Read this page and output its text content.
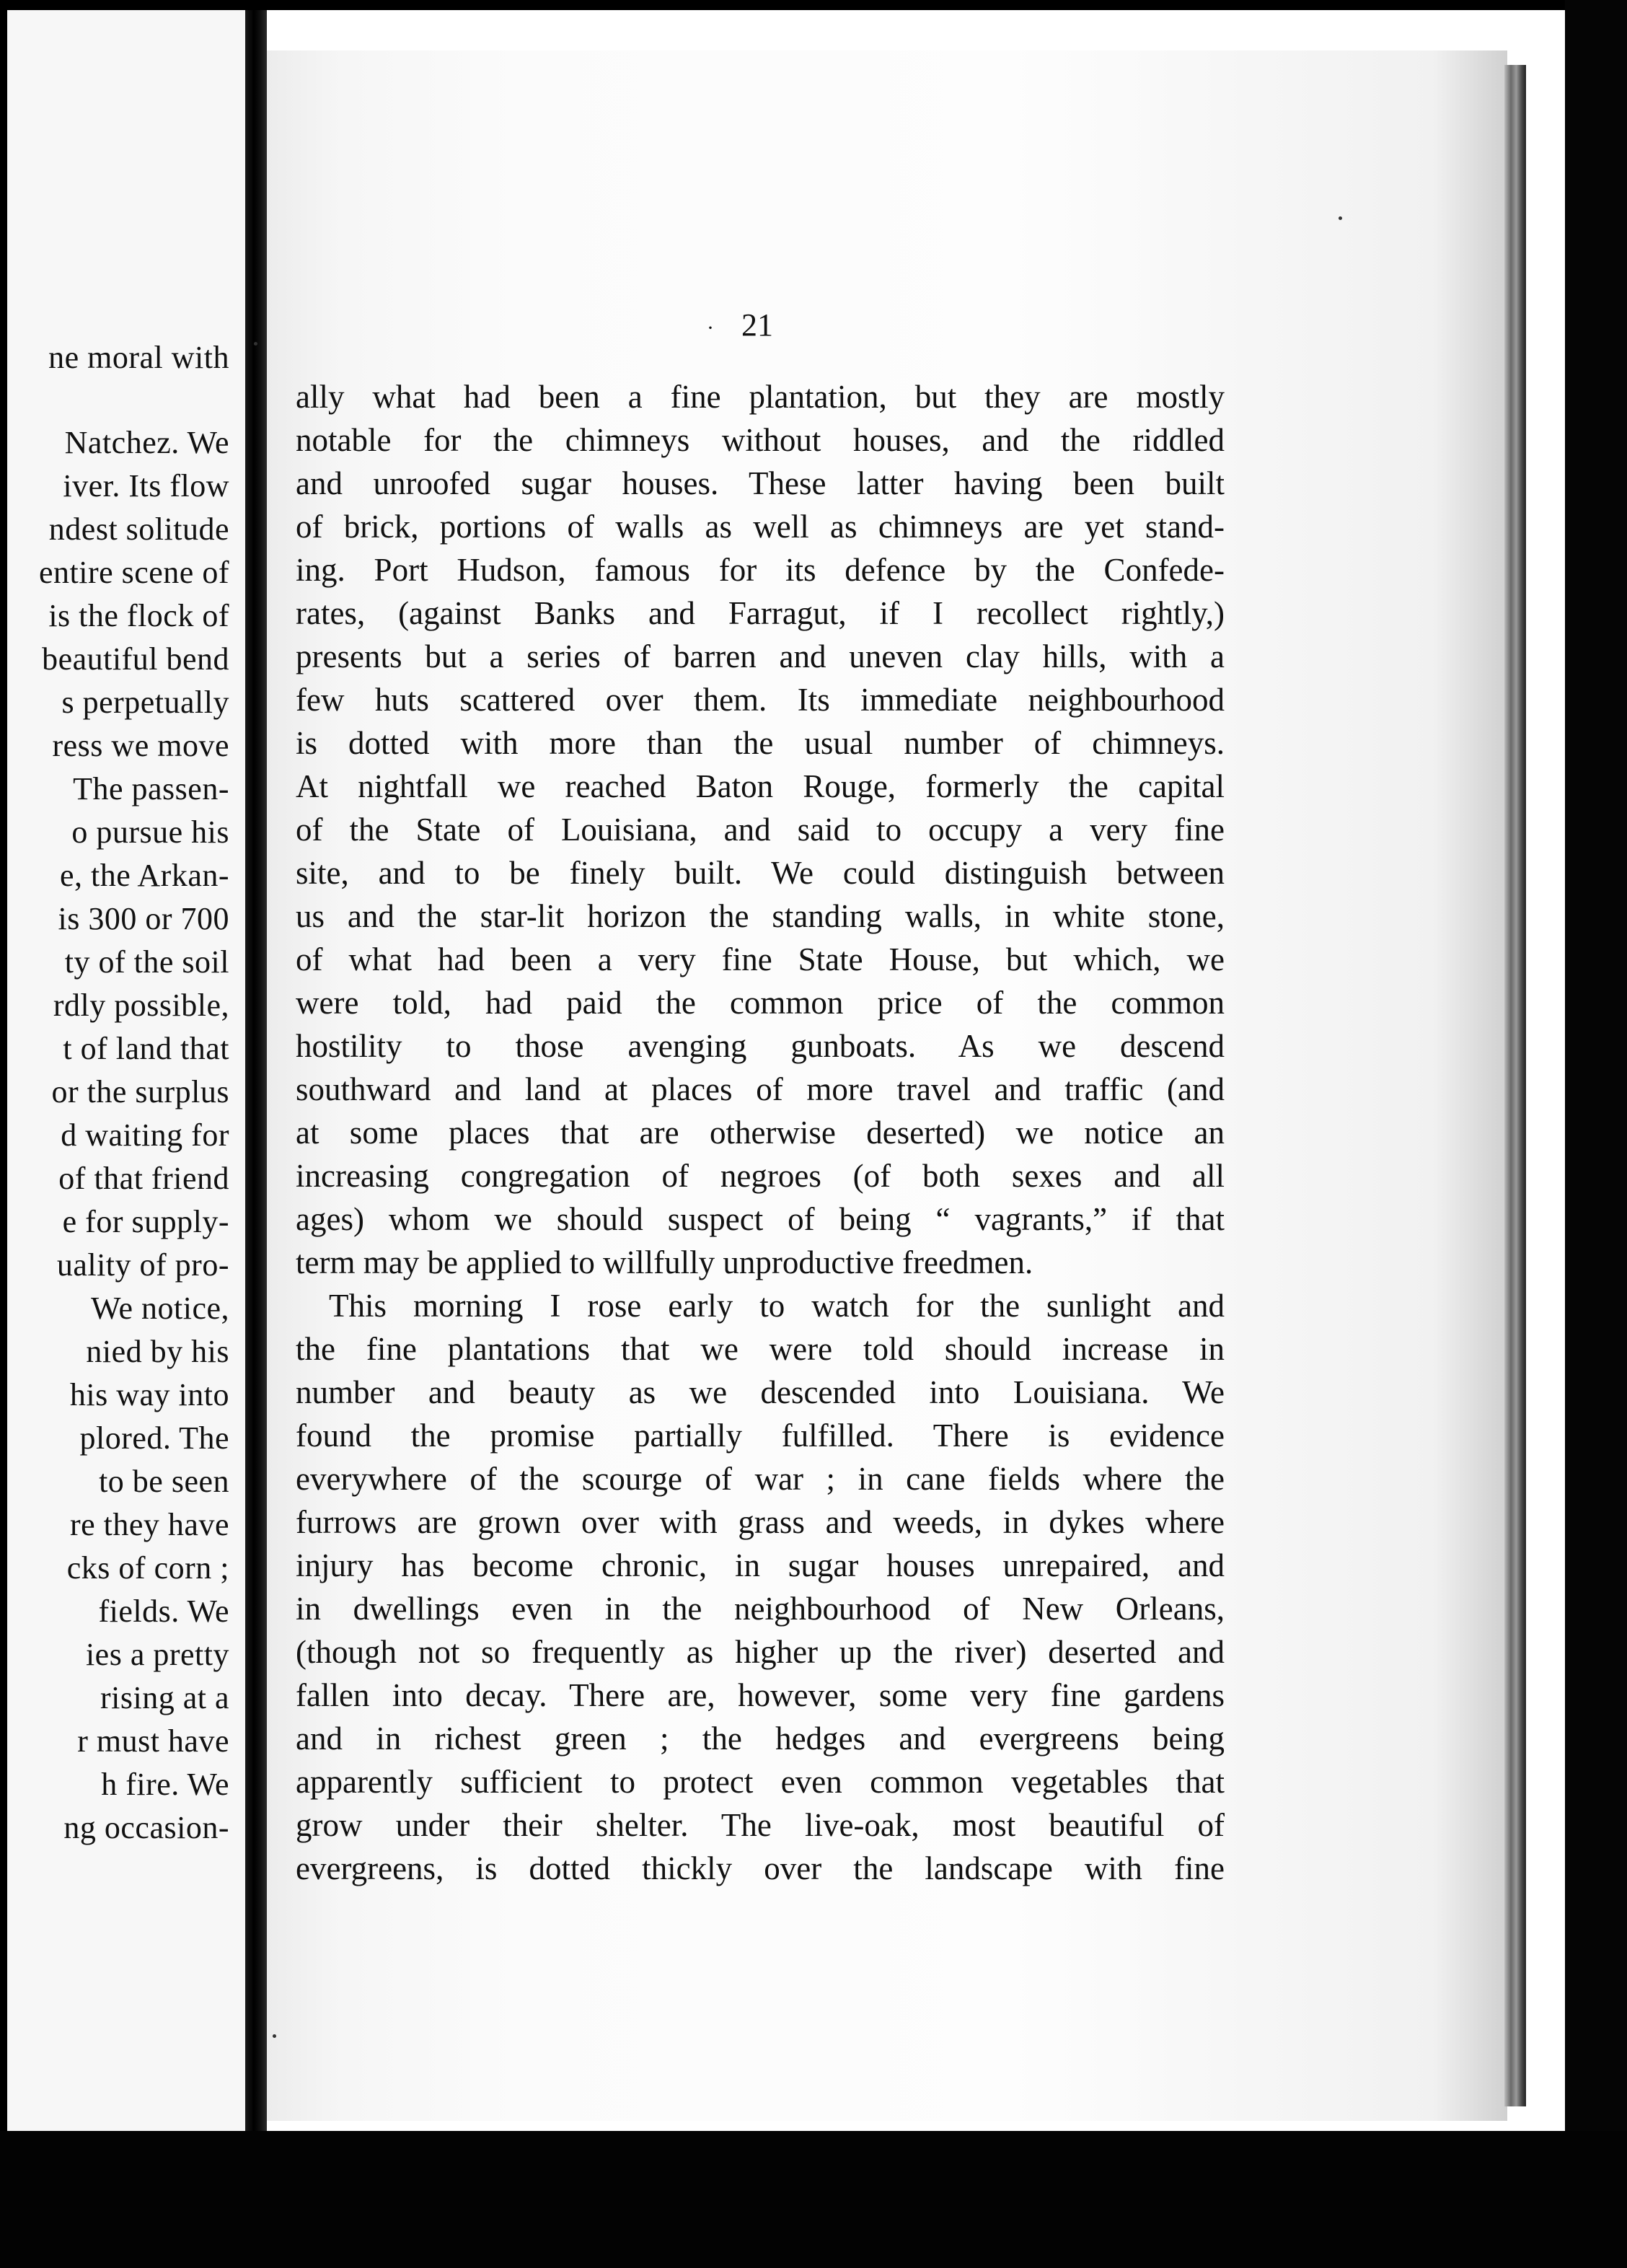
ne moral with
Natchez. We
iver. Its flow
ndest solitude
entire scene of
is the flock of
beautiful bend
s perpetually
ress we move
The passen-
o pursue his
e, the Arkan-
is 300 or 700
ty of the soil
rdly possible,
t of land that
or the surplus
d waiting for
of that friend
e for supply-
uality of pro-
We notice,
nied by his
his way into
plored. The
to be seen
re they have
cks of corn ;
fields. We
ies a pretty
rising at a
r must have
h fire. We
ng occasion-
· 21
ally what had been a fine plantation, but they are mostly
notable for the chimneys without houses, and the riddled
and unroofed sugar houses. These latter having been built
of brick, portions of walls as well as chimneys are yet stand-
ing. Port Hudson, famous for its defence by the Confede-
rates, (against Banks and Farragut, if I recollect rightly,)
presents but a series of barren and uneven clay hills, with a
few huts scattered over them. Its immediate neighbourhood
is dotted with more than the usual number of chimneys.
At nightfall we reached Baton Rouge, formerly the capital
of the State of Louisiana, and said to occupy a very fine
site, and to be finely built. We could distinguish between
us and the star-lit horizon the standing walls, in white stone,
of what had been a very fine State House, but which, we
were told, had paid the common price of the common
hostility to those avenging gunboats. As we descend
southward and land at places of more travel and traffic (and
at some places that are otherwise deserted) we notice an
increasing congregation of negroes (of both sexes and all
ages) whom we should suspect of being “ vagrants,” if that
term may be applied to willfully unproductive freedmen.
This morning I rose early to watch for the sunlight and
the fine plantations that we were told should increase in
number and beauty as we descended into Louisiana. We
found the promise partially fulfilled. There is evidence
everywhere of the scourge of war ; in cane fields where the
furrows are grown over with grass and weeds, in dykes where
injury has become chronic, in sugar houses unrepaired, and
in dwellings even in the neighbourhood of New Orleans,
(though not so frequently as higher up the river) deserted and
fallen into decay. There are, however, some very fine gardens
and in richest green ; the hedges and evergreens being
apparently sufficient to protect even common vegetables that
grow under their shelter. The live-oak, most beautiful of
evergreens, is dotted thickly over the landscape with fine
